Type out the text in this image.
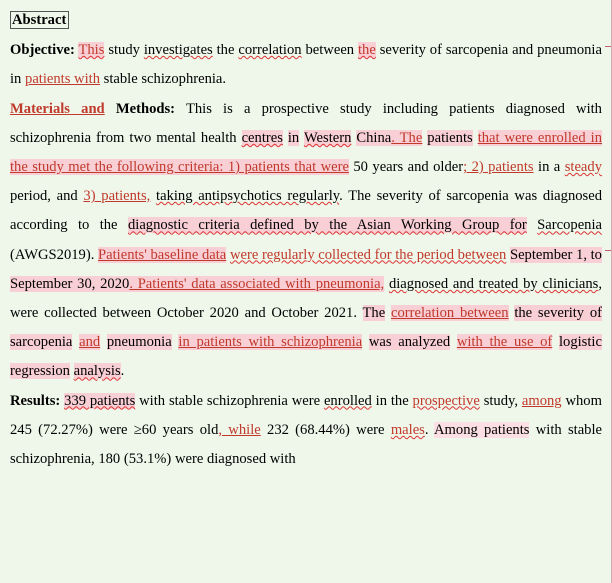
Abstract

Objective: This study investigates the correlation between the severity of sarcopenia and pneumonia in patients with stable schizophrenia.

Materials and Methods: This is a prospective study including patients diagnosed with schizophrenia from two mental health centres in Western China. The patients that were enrolled in the study met the following criteria: 1) patients that were 50 years and older; 2) patients in a steady period, and 3) patients, taking antipsychotics regularly. The severity of sarcopenia was diagnosed according to the diagnostic criteria defined by the Asian Working Group for Sarcopenia (AWGS2019). Patients' baseline data were regularly collected for the period between September 1, to September 30, 2020. Patients' data associated with pneumonia, diagnosed and treated by clinicians, were collected between October 2020 and October 2021. The correlation between the severity of sarcopenia and pneumonia in patients with schizophrenia was analyzed with the use of logistic regression analysis.

Results: 339 patients with stable schizophrenia were enrolled in the prospective study, among whom 245 (72.27%) were ≥60 years old, while 232 (68.44%) were males. Among patients with stable schizophrenia, 180 (53.1%) were diagnosed with
